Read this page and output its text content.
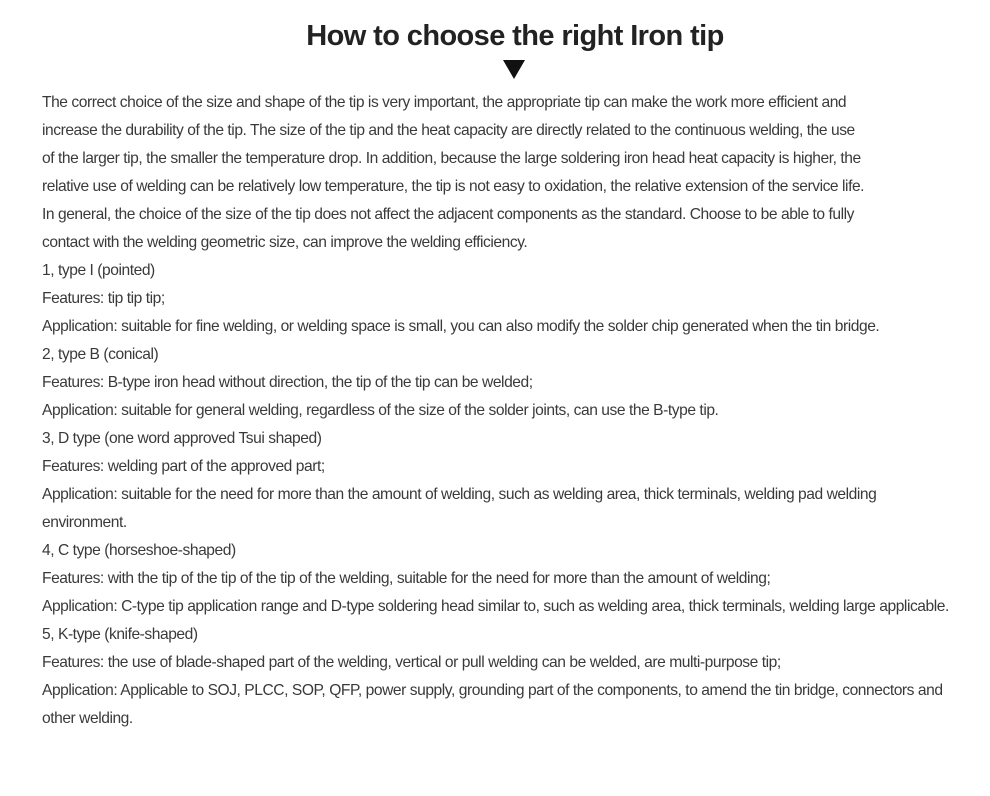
How to choose the right Iron tip
The correct choice of the size and shape of the tip is very important, the appropriate tip can make the work more efficient and
increase the durability of the tip. The size of the tip and the heat capacity are directly related to the continuous welding, the use
of the larger tip, the smaller the temperature drop. In addition, because the large soldering iron head heat capacity is higher, the
relative use of welding can be relatively low temperature, the tip is not easy to oxidation, the relative extension of the service life.
In general, the choice of the size of the tip does not affect the adjacent components as the standard. Choose to be able to fully
contact with the welding geometric size, can improve the welding efficiency.
1, type I (pointed)
Features: tip tip tip;
Application: suitable for fine welding, or welding space is small, you can also modify the solder chip generated when the tin bridge.
2, type B (conical)
Features: B-type iron head without direction, the tip of the tip can be welded;
Application: suitable for general welding, regardless of the size of the solder joints, can use the B-type tip.
3, D type (one word approved Tsui shaped)
Features: welding part of the approved part;
Application: suitable for the need for more than the amount of welding, such as welding area, thick terminals, welding pad welding environment.
4, C type (horseshoe-shaped)
Features: with the tip of the tip of the tip of the welding, suitable for the need for more than the amount of welding;
Application: C-type tip application range and D-type soldering head similar to, such as welding area, thick terminals, welding large applicable.
5, K-type (knife-shaped)
Features: the use of blade-shaped part of the welding, vertical or pull welding can be welded, are multi-purpose tip;
Application: Applicable to SOJ, PLCC, SOP, QFP, power supply, grounding part of the components, to amend the tin bridge, connectors and other welding.
